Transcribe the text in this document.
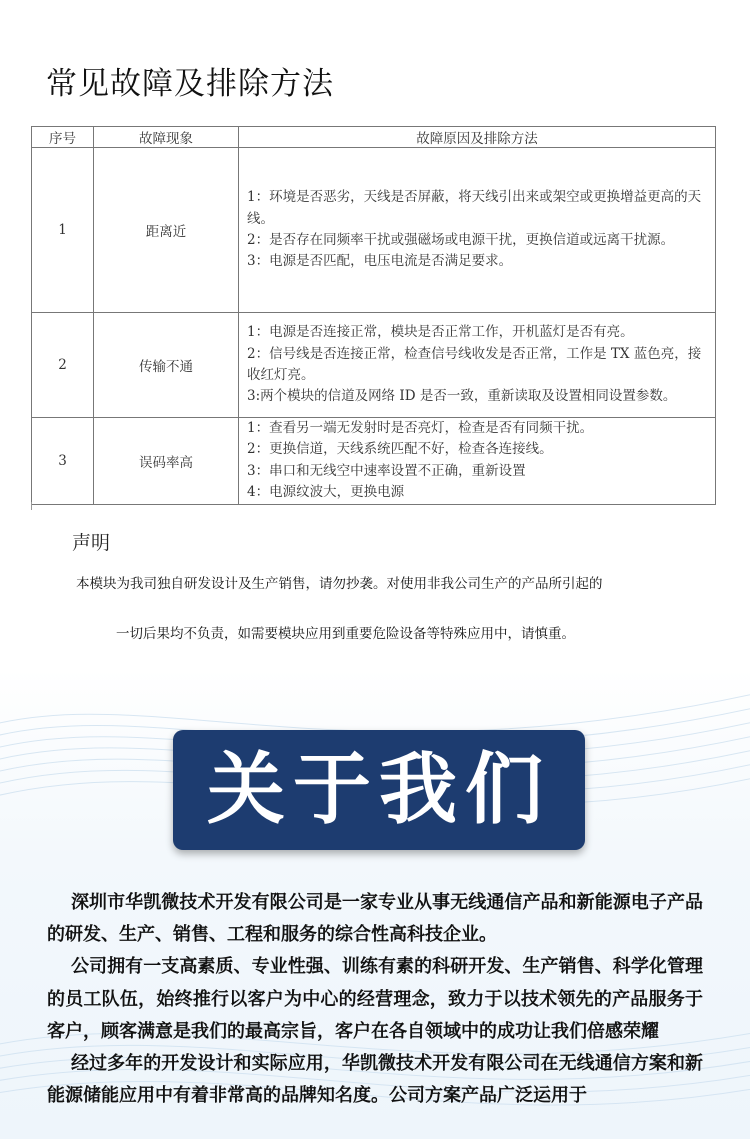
常见故障及排除方法
序号	故障现象	故障原因及排除方法
1	距离近	1：环境是否恶劣，天线是否屏蔽，将天线引出来或架空或更换增益更高的天线。
2：是否存在同频率干扰或强磁场或电源干扰，更换信道或远离干扰源。
3：电源是否匹配，电压电流是否满足要求。

2	传输不通	1：电源是否连接正常，模块是否正常工作，开机蓝灯是否有亮。
2：信号线是否连接正常，检查信号线收发是否正常，工作是 TX 蓝色亮，接收红灯亮。
3:两个模块的信道及网络 ID 是否一致，重新读取及设置相同设置参数。

3	误码率高	1：查看另一端无发射时是否亮灯，检查是否有同频干扰。
2：更换信道，天线系统匹配不好，检查各连接线。
3：串口和无线空中速率设置不正确，重新设置
4：电源纹波大，更换电源
声明
本模块为我司独自研发设计及生产销售，请勿抄袭。对使用非我公司生产的产品所引起的
一切后果均不负责，如需要模块应用到重要危险设备等特殊应用中，请慎重。
关于我们

深圳市华凯微技术开发有限公司是一家专业从事无线通信产品和新能源电子产品的研发、生产、销售、工程和服务的综合性高科技企业。

公司拥有一支高素质、专业性强、训练有素的科研开发、生产销售、科学化管理的员工队伍，始终推行以客户为中心的经营理念，致力于以技术领先的产品服务于客户，顾客满意是我们的最高宗旨，客户在各自领域中的成功让我们倍感荣耀

经过多年的开发设计和实际应用，华凯微技术开发有限公司在无线通信方案和新能源储能应用中有着非常高的品牌知名度。公司方案产品广泛运用于
